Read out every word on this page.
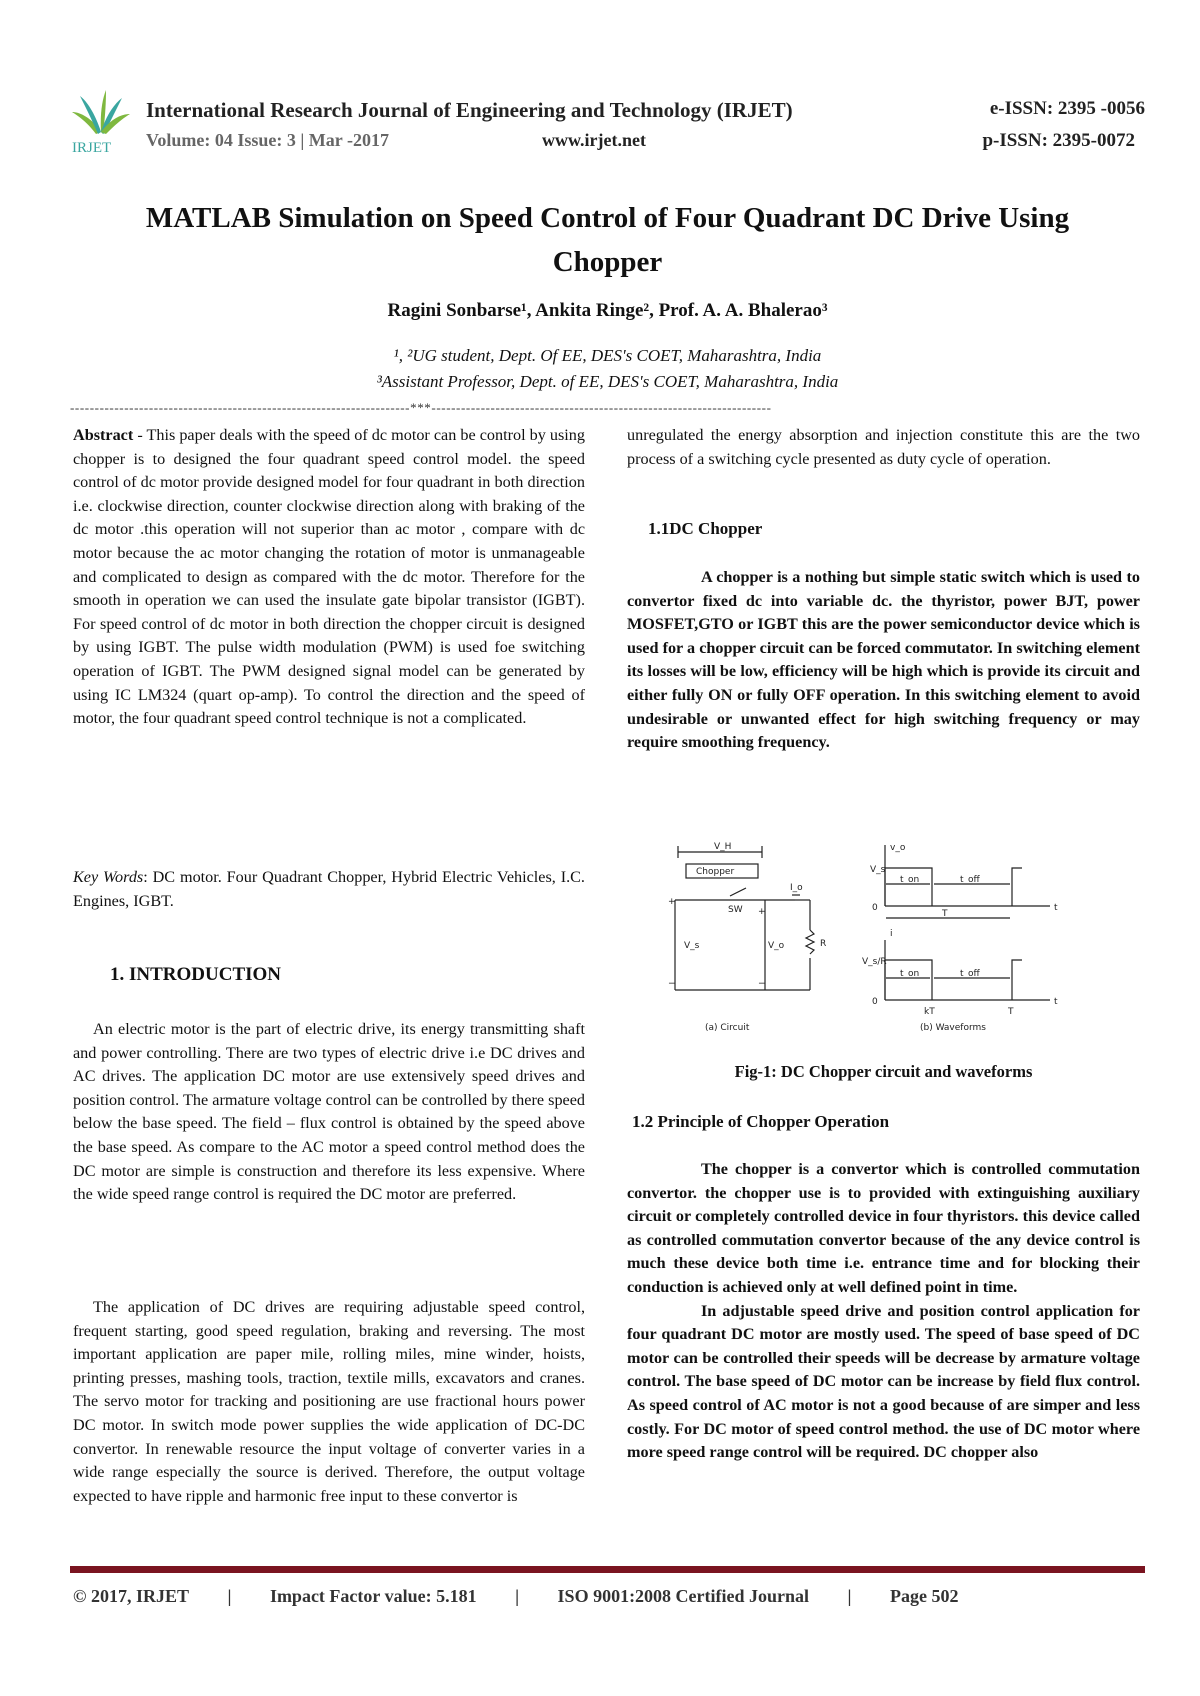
IRJET
International Research Journal of Engineering and Technology (IRJET)
Volume: 04 Issue: 3 | Mar -2017	www.irjet.net
e-ISSN: 2395 -0056
p-ISSN: 2395-0072
MATLAB Simulation on Speed Control of Four Quadrant DC Drive Using
Chopper
Ragini Sonbarse¹, Ankita Ringe², Prof. A. A. Bhalerao³
¹, ²UG student, Dept. Of EE, DES's COET, Maharashtra, India
³Assistant Professor, Dept. of EE, DES's COET, Maharashtra, India
---------------------------------------------------------------------***---------------------------------------------------------------------

Abstract - This paper deals with the speed of dc motor can be control by using chopper is to designed the four quadrant speed control model. the speed control of dc motor provide designed model for four quadrant in both direction i.e. clockwise direction, counter clockwise direction along with braking of the dc motor .this operation will not superior than ac motor , compare with dc motor because the ac motor changing the rotation of motor is unmanageable and complicated to design as compared with the dc motor. Therefore for the smooth in operation we can used the insulate gate bipolar transistor (IGBT). For speed control of dc motor in both direction the chopper circuit is designed by using IGBT. The pulse width modulation (PWM) is used foe switching operation of IGBT. The PWM designed signal model can be generated by using IC LM324 (quart op-amp). To control the direction and the speed of motor, the four quadrant speed control technique is not a complicated.

Key Words: DC motor. Four Quadrant Chopper, Hybrid Electric Vehicles, I.C. Engines, IGBT.

1. INTRODUCTION

An electric motor is the part of electric drive, its energy transmitting shaft and power controlling. There are two types of electric drive i.e DC drives and AC drives. The application DC motor are use extensively speed drives and position control. The armature voltage control can be controlled by there speed below the base speed. The field – flux control is obtained by the speed above the base speed. As compare to the AC motor a speed control method does the DC motor are simple is construction and therefore its less expensive. Where the wide speed range control is required the DC motor are preferred.

The application of DC drives are requiring adjustable speed control, frequent starting, good speed regulation, braking and reversing. The most important application are paper mile, rolling miles, mine winder, hoists, printing presses, mashing tools, traction, textile mills, excavators and cranes. The servo motor for tracking and positioning are use fractional hours power DC motor. In switch mode power supplies the wide application of DC-DC convertor. In renewable resource the input voltage of converter varies in a wide range especially the source is derived. Therefore, the output voltage expected to have ripple and harmonic free input to these convertor is

unregulated the energy absorption and injection constitute this are the two process of a switching cycle presented as duty cycle of operation.

1.1DC Chopper

A chopper is a nothing but simple static switch which is used to convertor fixed dc into variable dc. the thyristor, power BJT, power MOSFET,GTO or IGBT this are the power semiconductor device which is used for a chopper circuit can be forced commutator. In switching element its losses will be low, efficiency will be high which is provide its circuit and either fully ON or fully OFF operation. In this switching element to avoid undesirable or unwanted effect for high switching frequency or may require smoothing frequency.

V_H
Chopper
I_o
SW
V_s	V_o	R
+
−
+
−
(a) Circuit
v_o
V_s
0
t_on	t_off
t
T
i
V_s/R
0
t_on	t_off
t
kT	T
(b) Waveforms
Fig-1: DC Chopper circuit and waveforms
1.2 Principle of Chopper Operation

The chopper is a convertor which is controlled commutation convertor. the chopper use is to provided with extinguishing auxiliary circuit or completely controlled device in four thyristors. this device called as controlled commutation convertor because of the any device control is much these device both time i.e. entrance time and for blocking their conduction is achieved only at well defined point in time.

In adjustable speed drive and position control application for four quadrant DC motor are mostly used. The speed of base speed of DC motor can be controlled their speeds will be decrease by armature voltage control. The base speed of DC motor can be increase by field flux control. As speed control of AC motor is not a good because of are simper and less costly. For DC motor of speed control method. the use of DC motor where more speed range control will be required. DC chopper also

© 2017, IRJET | Impact Factor value: 5.181 | ISO 9001:2008 Certified Journal | Page 502
